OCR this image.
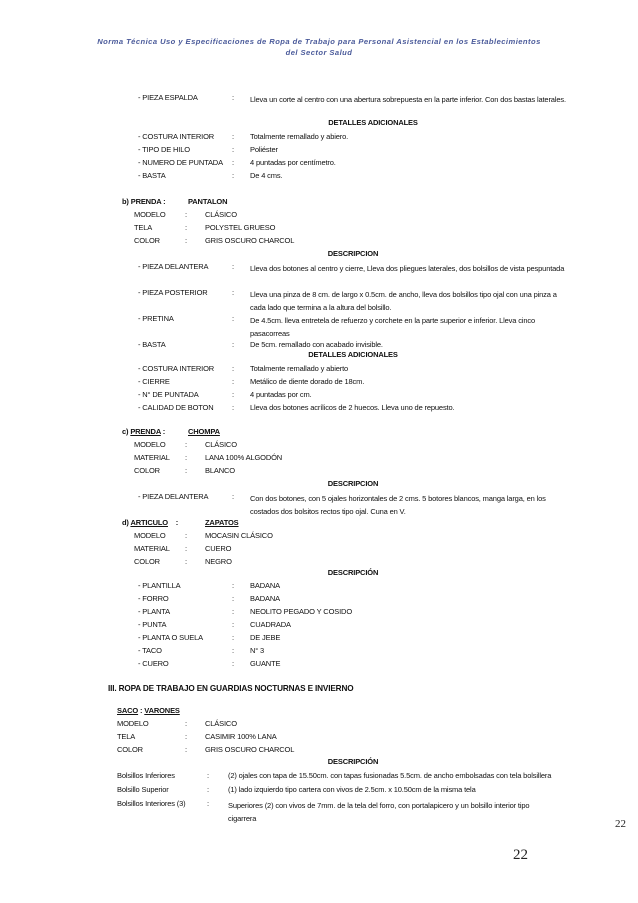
Norma Técnica Uso y Especificaciones de Ropa de Trabajo para Personal Asistencial en los Establecimientos
del Sector Salud
- PIEZA ESPALDA	: Lleva un corte al centro con una abertura sobrepuesta en la parte inferior. Con dos bastas laterales.
DETALLES ADICIONALES
- COSTURA INTERIOR : Totalmente remallado y abiero.
- TIPO DE HILO	: Poliéster
- NUMERO DE PUNTADA : 4 puntadas por centímetro.
- BASTA	: De 4 cms.
b) PRENDA :	PANTALON
MODELO	: CLÁSICO
TELA	: POLYSTEL GRUESO
COLOR	: GRIS OSCURO CHARCOL
DESCRIPCION
- PIEZA DELANTERA	: Lleva dos botones al centro y cierre, Lleva dos pliegues laterales, dos bolsillos de vista pespuntada
- PIEZA POSTERIOR	: Lleva una pinza de 8 cm. de largo x 0.5cm. de ancho, lleva dos bolsillos tipo ojal con una pinza a cada lado que termina a la altura del bolsillo.
- PRETINA	: De 4.5cm. lleva entretela de refuerzo y corchete en la parte superior e inferior. Lleva cinco pasacorreas
- BASTA	: De 5cm. remallado con acabado invisible.
DETALLES ADICIONALES
- COSTURA INTERIOR : Totalmente remallado y abierto
- CIERRE	: Metálico de diente dorado de 18cm.
- N° DE PUNTADA	: 4 puntadas por cm.
- CALIDAD DE BOTON : Lleva dos botones acrílicos de 2 huecos. Lleva uno de repuesto.
c) PRENDA :	CHOMPA
MODELO	: CLÁSICO
MATERIAL : LANA 100% ALGODÓN
COLOR	: BLANCO
DESCRIPCION
- PIEZA DELANTERA	: Con dos botones, con 5 ojales horizontales de 2 cms. 5 botores blancos, manga larga, en los costados dos bolsitos rectos tipo ojal. Cuna en V.
d) ARTICULO    :	ZAPATOS
MODELO	: MOCASIN CLÁSICO
MATERIAL : CUERO
COLOR	: NEGRO
DESCRIPCIÓN
- PLANTILLA	: BADANA
- FORRO	: BADANA
- PLANTA	: NEOLITO PEGADO Y COSIDO
- PUNTA	: CUADRADA
- PLANTA O SUELA	: DE JEBE
- TACO	: N° 3
- CUERO	: GUANTE
III. ROPA DE TRABAJO EN GUARDIAS NOCTURNAS E INVIERNO
SACO : VARONES
MODELO	: CLÁSICO
TELA	: CASIMIR 100% LANA
COLOR	: GRIS OSCURO CHARCOL
DESCRIPCIÓN
Bolsillos Inferiores	:	(2) ojales con tapa de 15.50cm. con tapas fusionadas 5.5cm. de ancho embolsadas con tela bolsillera
Bolsillo Superior	:	(1) lado izquierdo tipo cartera con vivos de 2.5cm. x 10.50cm de la misma tela
Bolsillos Interiores (3)	:	Superiores (2) con vivos de 7mm. de la tela del forro, con portalapicero y un bolsillo interior tipo cigarrera
22
22
